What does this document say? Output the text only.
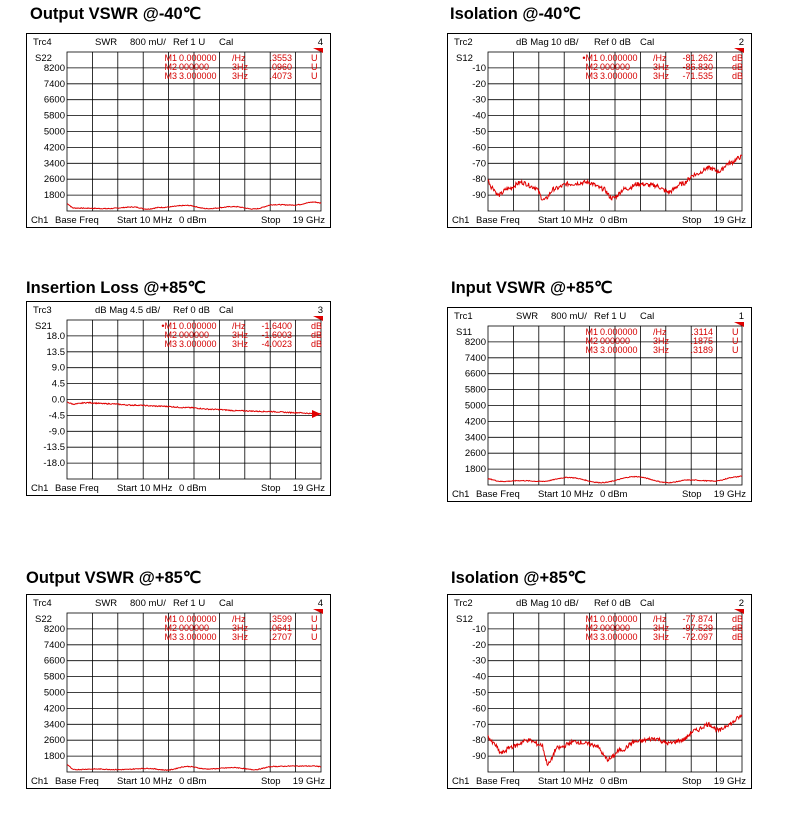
Output VSWR @-40℃	Isolation @-40℃
Insertion Loss @+85℃	Input VSWR @+85℃
Output VSWR @+85℃	Isolation @+85℃
Trc4	SWR 800 mU/ Ref 1 U Cal	4
S22
8200
7400
6600
5800
5000
4200
3400
2600
1800
M1 0.000000 /Hz	.3553 U
M2 000000	3Hz .0960 U
M3 3.000000 3Hz .4073 U
Ch1 Base Freq Start 10 MHz 0 dBm	Stop 19 GHz
Trc2	dB Mag 10 dB/ Ref 0 dB Cal	2
S12
-10
-20
-30
-40
-50
-60
-70
-80
-90
•M1 0.000000 /Hz -81.262 dB
M2 000000	3Hz -86.830 dB
M3 3.000000 3Hz -71.535 dB
Ch1 Base Freq Start 10 MHz 0 dBm	Stop 19 GHz
Trc3	dB Mag 4.5 dB/ Ref 0 dB Cal	3
S21
18.0
13.5
9.0
4.5
0.0
-4.5
-9.0
-13.5
-18.0
•M1 0.000000 /Hz -1.6400 dB
M2 000000	3Hz -1.6003 dB
M3 3.000000 3Hz -4.0023 dB
Ch1 Base Freq Start 10 MHz 0 dBm	Stop 19 GHz
Trc1	SWR 800 mU/ Ref 1 U Cal	1
S11
8200
7400
6600
5800
5000
4200
3400
2600
1800
M1 0.000000 /Hz	.3114 U
M2 000000	3Hz .1875 U
M3 3.000000 3Hz .3189 U
Ch1 Base Freq Start 10 MHz 0 dBm	Stop 19 GHz
Trc4	SWR 800 mU/ Ref 1 U Cal	4
S22
8200
7400
6600
5800
5000
4200
3400
2600
1800
M1 0.000000 /Hz	.3599 U
M2 000000	3Hz .0641 U
M3 3.000000 3Hz .2707 U
Ch1 Base Freq Start 10 MHz 0 dBm	Stop 19 GHz
Trc2	dB Mag 10 dB/ Ref 0 dB Cal	2
S12
-10
-20
-30
-40
-50
-60
-70
-80
-90
M1 0.000000 /Hz -77.874 dB
M2 000000	3Hz -97.529 dB
M3 3.000000 3Hz -72.097 dB
Ch1 Base Freq Start 10 MHz 0 dBm	Stop 19 GHz
